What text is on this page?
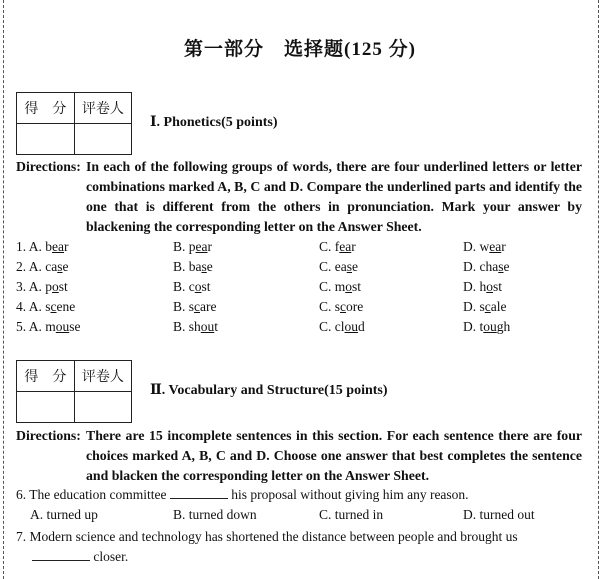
第一部分　选择题(125 分)
得　分	评卷人

Ⅰ. Phonetics(5 points)
Directions: In each of the following groups of words, there are four underlined letters or letter combinations marked A, B, C and D. Compare the underlined parts and identify the one that is different from the others in pronunciation. Mark your answer by blackening the corresponding letter on the Answer Sheet.
1. A. bear	B. pear	C. fear	D. wear
2. A. case	B. base	C. ease	D. chase
3. A. post	B. cost	C. most	D. host
4. A. scene	B. scare	C. score	D. scale
5. A. mouse	B. shout	C. cloud	D. tough
得　分	评卷人

Ⅱ. Vocabulary and Structure(15 points)
Directions: There are 15 incomplete sentences in this section. For each sentence there are four choices marked A, B, C and D. Choose one answer that best completes the sentence and blacken the corresponding letter on the Answer Sheet.
6. The education committee	his proposal without giving him any reason.
A. turned up	B. turned down	C. turned in	D. turned out
7. Modern science and technology has shortened the distance between people and brought us
closer.
